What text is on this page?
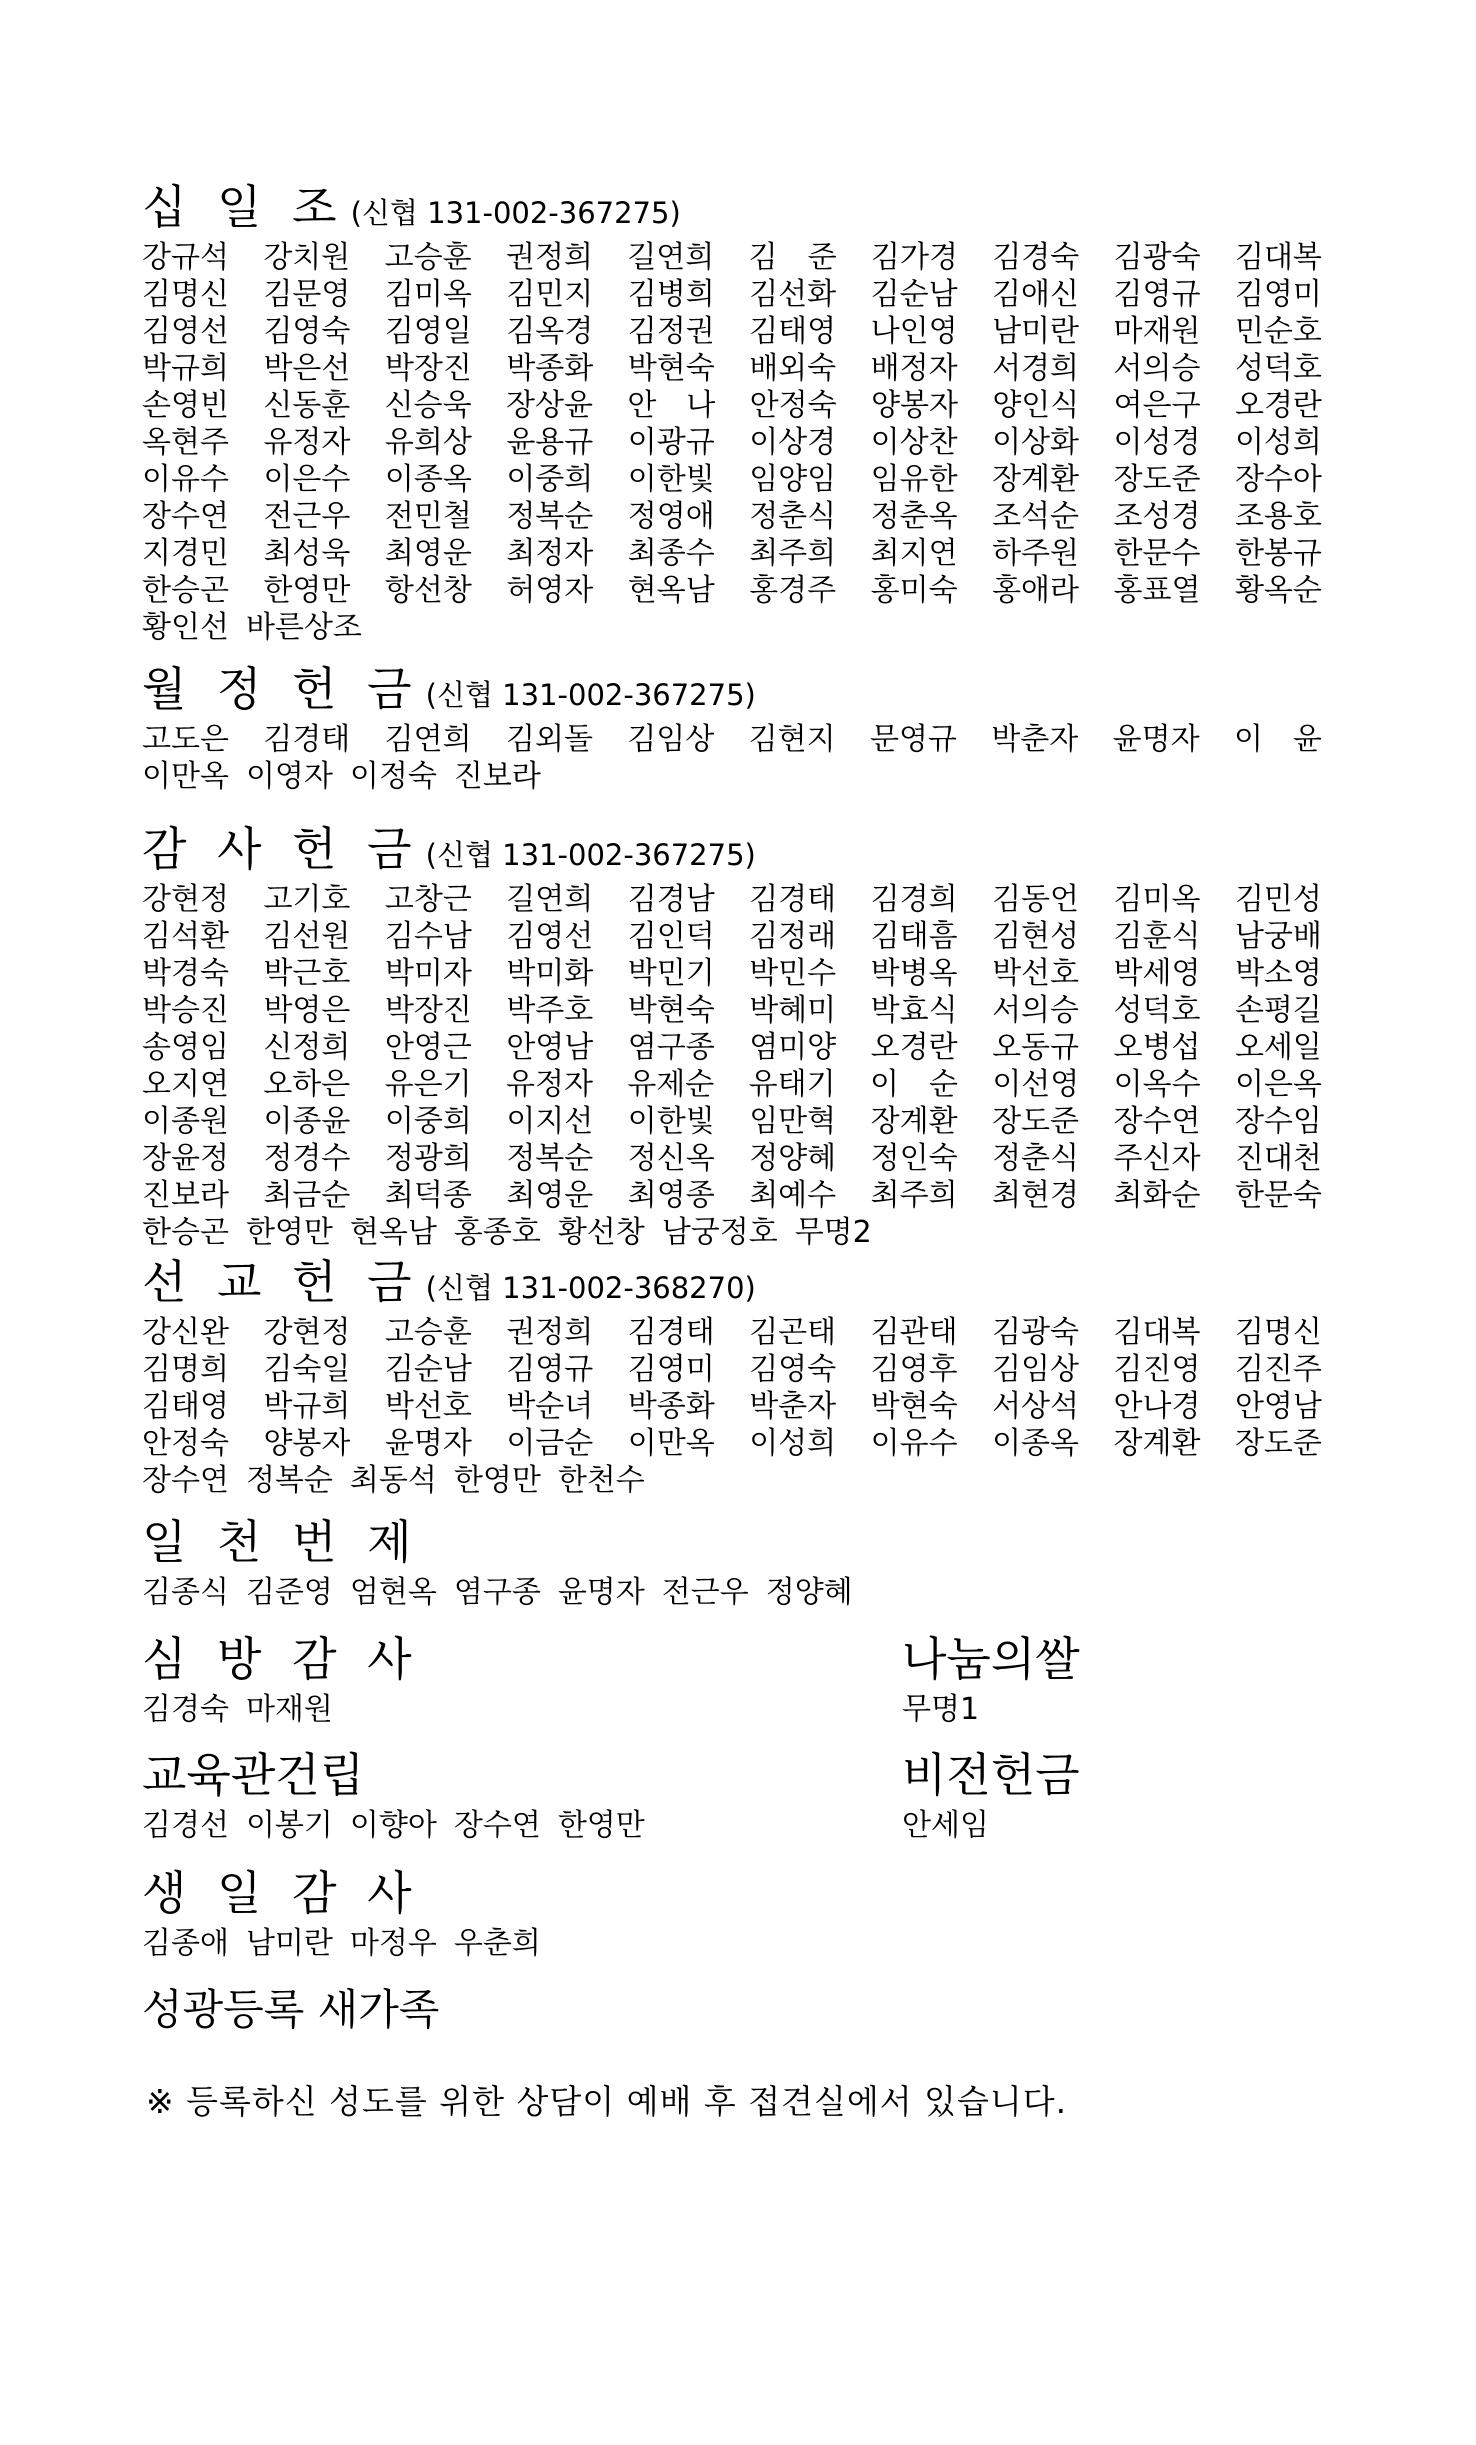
십 일 조 (신협 131-002-367275)
강규석 강치원 고승훈 권정희 길연희 김　준 김가경 김경숙 김광숙 김대복
김명신 김문영 김미옥 김민지 김병희 김선화 김순남 김애신 김영규 김영미
김영선 김영숙 김영일 김옥경 김정권 김태영 나인영 남미란 마재원 민순호
박규희 박은선 박장진 박종화 박현숙 배외숙 배정자 서경희 서의승 성덕호
손영빈 신동훈 신승욱 장상윤 안　나 안정숙 양봉자 양인식 여은구 오경란
옥현주 유정자 유희상 윤용규 이광규 이상경 이상찬 이상화 이성경 이성희
이유수 이은수 이종옥 이중희 이한빛 임양임 임유한 장계환 장도준 장수아
장수연 전근우 전민철 정복순 정영애 정춘식 정춘옥 조석순 조성경 조용호
지경민 최성욱 최영운 최정자 최종수 최주희 최지연 하주원 한문수 한봉규
한승곤 한영만 항선창 허영자 현옥남 홍경주 홍미숙 홍애라 홍표열 황옥순
황인선 바른상조
월 정 헌 금 (신협 131-002-367275)
고도은 김경태 김연희 김외돌 김임상 김현지 문영규 박춘자 윤명자 이　윤
이만옥 이영자 이정숙 진보라
감 사 헌 금 (신협 131-002-367275)
강현정 고기호 고창근 길연희 김경남 김경태 김경희 김동언 김미옥 김민성
김석환 김선원 김수남 김영선 김인덕 김정래 김태흠 김현성 김훈식 남궁배
박경숙 박근호 박미자 박미화 박민기 박민수 박병옥 박선호 박세영 박소영
박승진 박영은 박장진 박주호 박현숙 박혜미 박효식 서의승 성덕호 손평길
송영임 신정희 안영근 안영남 염구종 염미양 오경란 오동규 오병섭 오세일
오지연 오하은 유은기 유정자 유제순 유태기 이　순 이선영 이옥수 이은옥
이종원 이종윤 이중희 이지선 이한빛 임만혁 장계환 장도준 장수연 장수임
장윤정 정경수 정광희 정복순 정신옥 정양혜 정인숙 정춘식 주신자 진대천
진보라 최금순 최덕종 최영운 최영종 최예수 최주희 최현경 최화순 한문숙
한승곤 한영만 현옥남 홍종호 황선창 남궁정호 무명2
선 교 헌 금 (신협 131-002-368270)
강신완 강현정 고승훈 권정희 김경태 김곤태 김관태 김광숙 김대복 김명신
김명희 김숙일 김순남 김영규 김영미 김영숙 김영후 김임상 김진영 김진주
김태영 박규희 박선호 박순녀 박종화 박춘자 박현숙 서상석 안나경 안영남
안정숙 양봉자 윤명자 이금순 이만옥 이성희 이유수 이종옥 장계환 장도준
장수연 정복순 최동석 한영만 한천수
일 천 번 제
김종식 김준영 엄현옥 염구종 윤명자 전근우 정양혜
심 방 감 사
김경숙 마재원
나눔의쌀
무명1
교육관건립
김경선 이봉기 이향아 장수연 한영만
비전헌금
안세임
생 일 감 사
김종애 남미란 마정우 우춘희
성광등록 새가족
※ 등록하신 성도를 위한 상담이 예배 후 접견실에서 있습니다.
